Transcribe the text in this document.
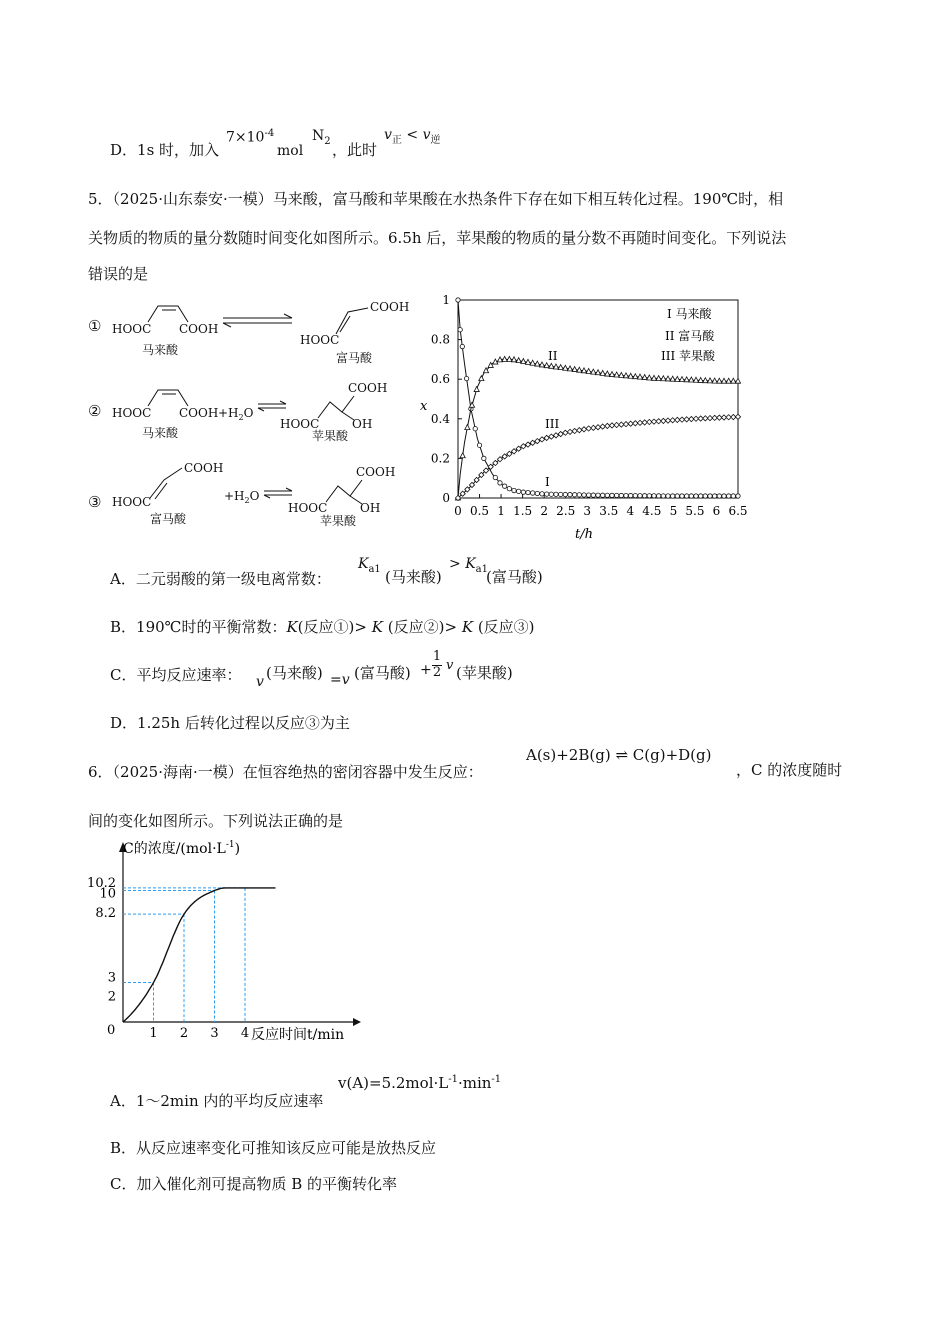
D．1s 时，加入
$7\times 10^{-4}$
mol
$N_2$ ，此时
$v_正 < v_逆$
5．（2025·山东泰安·一模）马来酸，富马酸和苹果酸在水热条件下存在如下相互转化过程。190℃时，相
关物质的物质的量分数随时间变化如图所示。6.5h 后，苹果酸的物质的量分数不再随时间变化。下列说法
错误的是
① HOOC COOH
马来酸
COOH
HOOC
富马酸
② HOOC COOH $+H_2O$
马来酸
COOH
HOOC	OH
苹果酸
③
COOH
HOOC
富马酸
$+H_2O$
COOH
HOOC	OH
苹果酸
0 0.5 1 1.5 2 2.5 3 3.5 4 4.5 5 5.5 6 6.5
0
0.2
0.4
0.6
0.8
1
x
t/h
I 马来酸
II 富马酸
III 苹果酸
I
II
III
A．二元弱酸的第一级电离常数：
$K_{a1}$ (马来酸)
> $K_{a1}$
(富马酸)
B．190℃时的平衡常数：K(反应①)> K (反应②)> K (反应③)
C．平均反应速率： v (马来酸) =v (富马酸) +
1
2 v (苹果酸)
D．1.25h 后转化过程以反应③为主
6．（2025·海南·一模）在恒容绝热的密闭容器中发生反应：
A(s)+2B(g) ⇌ C(g)+D(g)
，C 的浓度随时
间的变化如图所示。下列说法正确的是
1 2 3 4
2
3
8.2
10
10.2
C的浓度$/(mol\cdot L^{-1})$
反应时间t/min
0
A．1～2min 内的平均反应速率
$v(A)=5.2mol\cdot L^{-1}\cdot\min^{-1}$
B．从反应速率变化可推知该反应可能是放热反应
C．加入催化剂可提高物质 B 的平衡转化率
